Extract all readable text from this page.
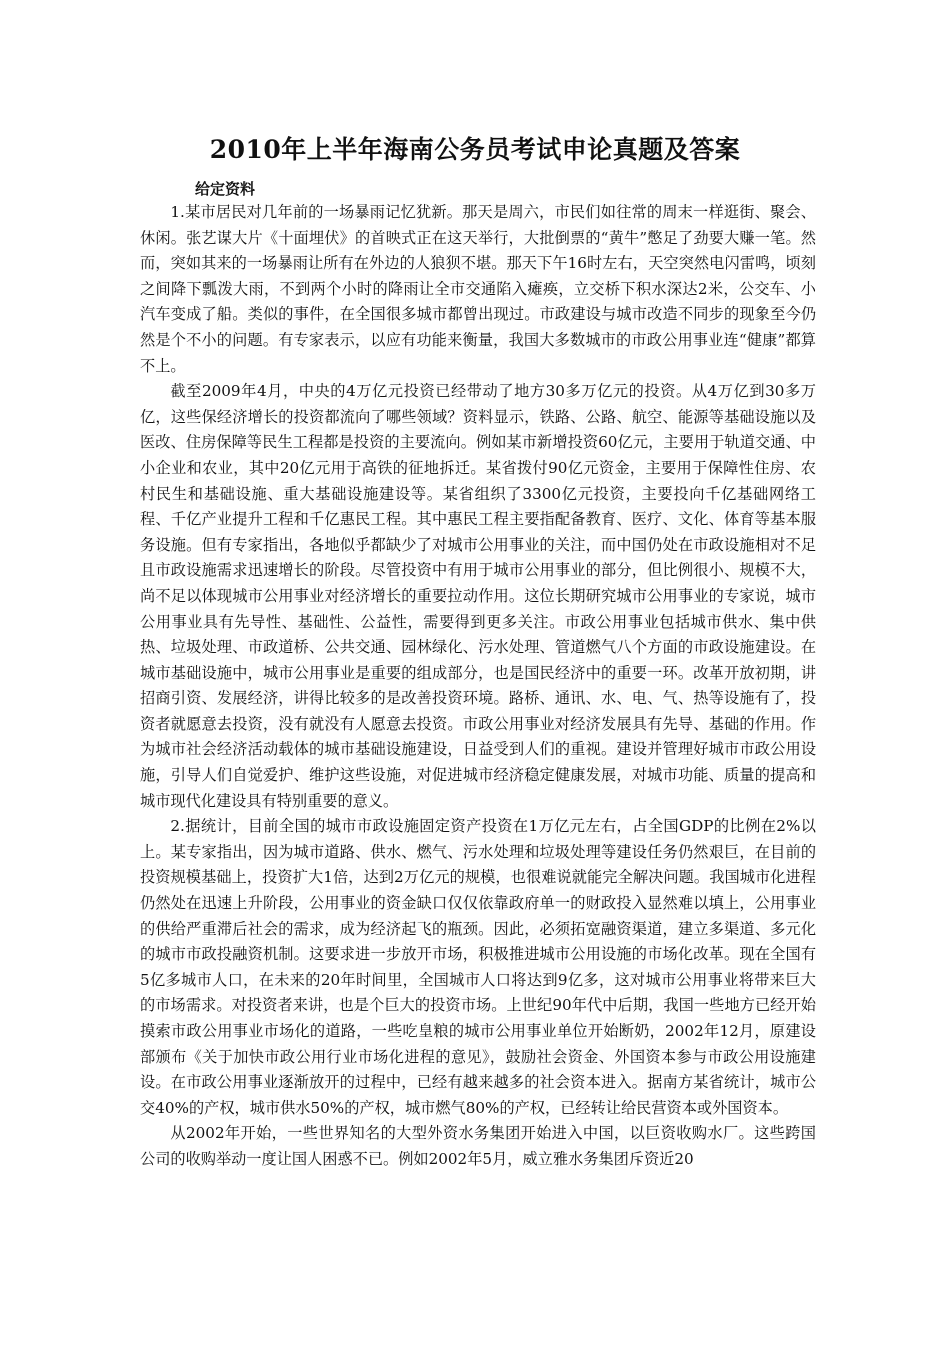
2010年上半年海南公务员考试申论真题及答案
给定资料

1.某市居民对几年前的一场暴雨记忆犹新。那天是周六，市民们如往常的周末一样逛街、聚会、休闲。张艺谋大片《十面埋伏》的首映式正在这天举行，大批倒票的“黄牛”憋足了劲要大赚一笔。然而，突如其来的一场暴雨让所有在外边的人狼狈不堪。那天下午16时左右，天空突然电闪雷鸣，顷刻之间降下瓢泼大雨，不到两个小时的降雨让全市交通陷入瘫痪，立交桥下积水深达2米，公交车、小汽车变成了船。类似的事件，在全国很多城市都曾出现过。市政建设与城市改造不同步的现象至今仍然是个不小的问题。有专家表示，以应有功能来衡量，我国大多数城市的市政公用事业连“健康”都算不上。

截至2009年4月，中央的4万亿元投资已经带动了地方30多万亿元的投资。从4万亿到30多万亿，这些保经济增长的投资都流向了哪些领域？资料显示，铁路、公路、航空、能源等基础设施以及医改、住房保障等民生工程都是投资的主要流向。例如某市新增投资60亿元，主要用于轨道交通、中小企业和农业，其中20亿元用于高铁的征地拆迁。某省拨付90亿元资金，主要用于保障性住房、农村民生和基础设施、重大基础设施建设等。某省组织了3300亿元投资，主要投向千亿基础网络工程、千亿产业提升工程和千亿惠民工程。其中惠民工程主要指配备教育、医疗、文化、体育等基本服务设施。但有专家指出，各地似乎都缺少了对城市公用事业的关注，而中国仍处在市政设施相对不足且市政设施需求迅速增长的阶段。尽管投资中有用于城市公用事业的部分，但比例很小、规模不大，尚不足以体现城市公用事业对经济增长的重要拉动作用。这位长期研究城市公用事业的专家说，城市公用事业具有先导性、基础性、公益性，需要得到更多关注。市政公用事业包括城市供水、集中供热、垃圾处理、市政道桥、公共交通、园林绿化、污水处理、管道燃气八个方面的市政设施建设。在城市基础设施中，城市公用事业是重要的组成部分，也是国民经济中的重要一环。改革开放初期，讲招商引资、发展经济，讲得比较多的是改善投资环境。路桥、通讯、水、电、气、热等设施有了，投资者就愿意去投资，没有就没有人愿意去投资。市政公用事业对经济发展具有先导、基础的作用。作为城市社会经济活动载体的城市基础设施建设，日益受到人们的重视。建设并管理好城市市政公用设施，引导人们自觉爱护、维护这些设施，对促进城市经济稳定健康发展，对城市功能、质量的提高和城市现代化建设具有特别重要的意义。

2.据统计，目前全国的城市市政设施固定资产投资在1万亿元左右，占全国GDP的比例在2%以上。某专家指出，因为城市道路、供水、燃气、污水处理和垃圾处理等建设任务仍然艰巨，在目前的投资规模基础上，投资扩大1倍，达到2万亿元的规模，也很难说就能完全解决问题。我国城市化进程仍然处在迅速上升阶段，公用事业的资金缺口仅仅依靠政府单一的财政投入显然难以填上，公用事业的供给严重滞后社会的需求，成为经济起飞的瓶颈。因此，必须拓宽融资渠道，建立多渠道、多元化的城市市政投融资机制。这要求进一步放开市场，积极推进城市公用设施的市场化改革。现在全国有5亿多城市人口，在未来的20年时间里，全国城市人口将达到9亿多，这对城市公用事业将带来巨大的市场需求。对投资者来讲，也是个巨大的投资市场。上世纪90年代中后期，我国一些地方已经开始摸索市政公用事业市场化的道路，一些吃皇粮的城市公用事业单位开始断奶，2002年12月，原建设部颁布《关于加快市政公用行业市场化进程的意见》，鼓励社会资金、外国资本参与市政公用设施建设。在市政公用事业逐渐放开的过程中，已经有越来越多的社会资本进入。据南方某省统计，城市公交40%的产权，城市供水50%的产权，城市燃气80%的产权，已经转让给民营资本或外国资本。

从2002年开始，一些世界知名的大型外资水务集团开始进入中国，以巨资收购水厂。这些跨国公司的收购举动一度让国人困惑不已。例如2002年5月，威立雅水务集团斥资近20
